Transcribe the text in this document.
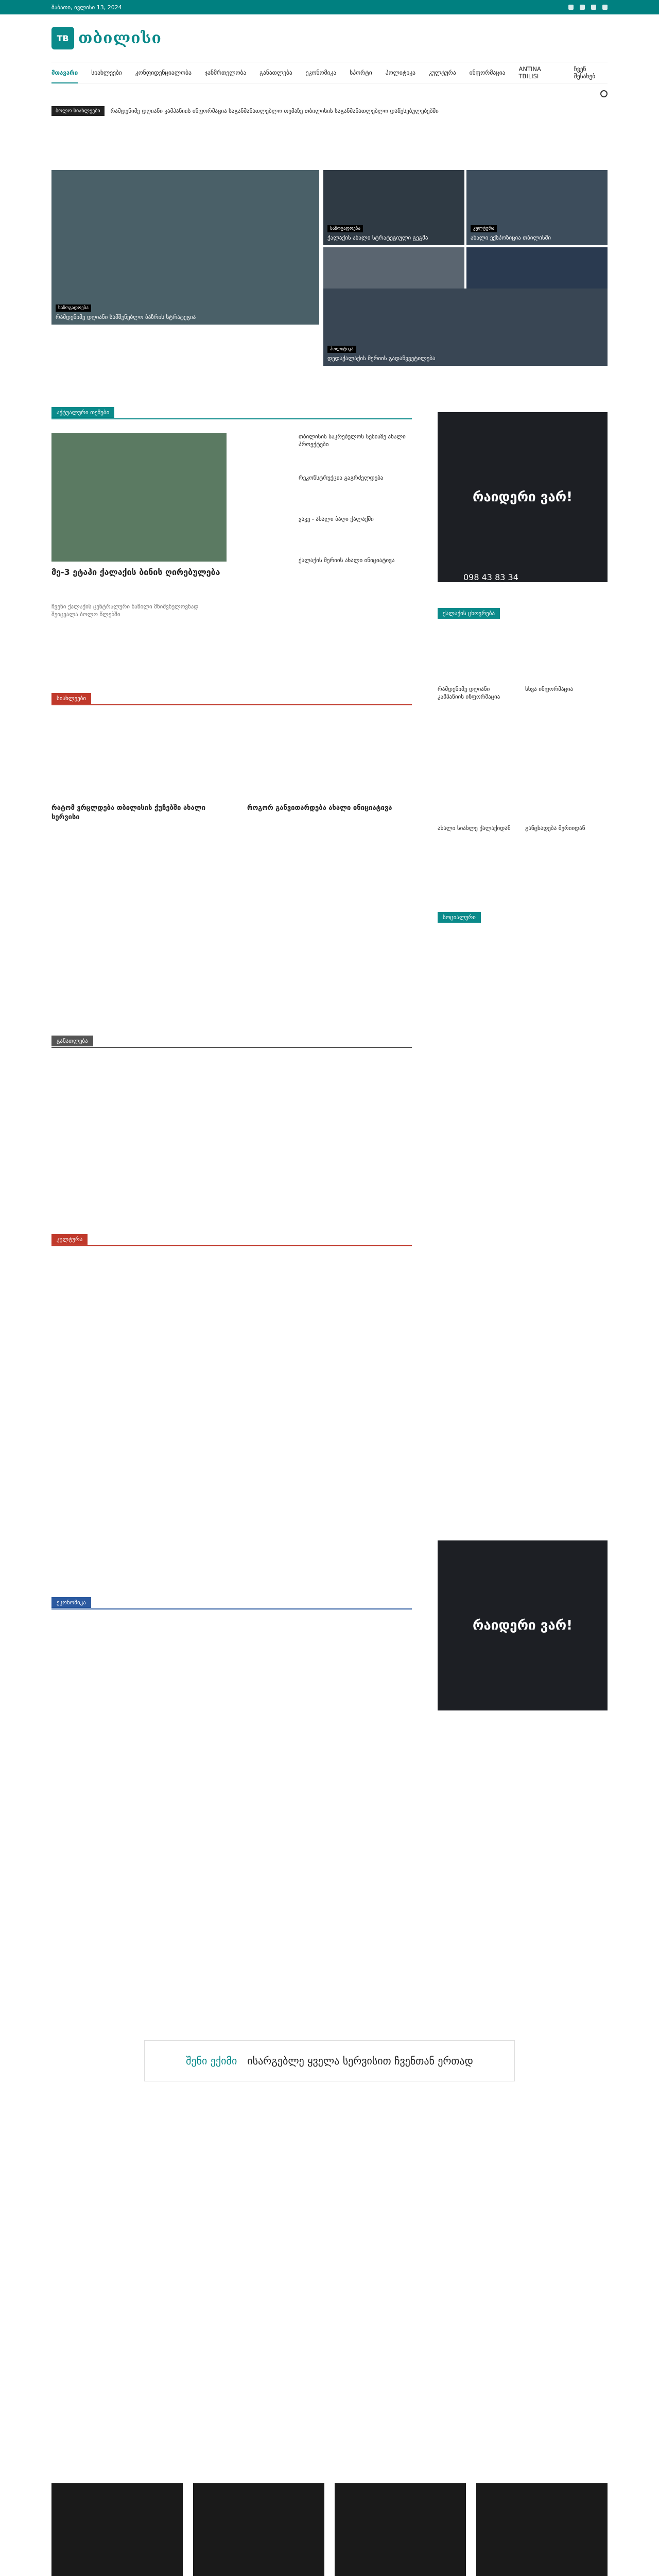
შაბათი, ივლისი 13, 2024
TB თბილისი
მთავარი სიახლეები კონფიდენციალობა ჯანმრთელობა განათლება ეკონომიკა სპორტი პოლიტიკა კულტურა ინფორმაცია ANTINA TBILISI
ჩვენ შესახებ
ბოლო სიახლეები	რამდენიმე დღიანი კამპანიის ინფორმაცია საგანმანათლებლო თემაზე თბილისის საგანმანათლებლო დაწესებულებებში
საზოგადოება
რამდენიმე დღიანი სამშენებლო ბაზრის სტრატეგია
საზოგადოება
ქალაქის ახალი სტრატეგიული გეგმა
კულტურა
ახალი ექსპოზიცია თბილისში
პოლიტიკა
დედაქალაქის მერიის გადაწყვეტილება
აქტუალური თემები
მე-3 ეტაპი ქალაქის ბინის ღირებულება
ჩვენი ქალაქის ცენტრალური ნაწილი მნიშვნელოვნად შეიცვალა ბოლო წლებში
თბილისის საკრებულოს სესიაზე ახალი პროექტები
რეკონსტრუქცია გაგრძელდება
ვაკე - ახალი ბაღი ქალაქში
ქალაქის მერიის ახალი ინიციატივა
რაიდერი ვარ!
098 43 83 34
ქალაქის ცხოვრება
რამდენიმე დღიანი კამპანიის ინფორმაცია
სხვა ინფორმაცია
ახალი სიახლე ქალაქიდან	განცხადება მერიიდან
სოციალური
სიახლეები
რატომ ვრცლდება თბილისის ქუჩებში ახალი სერვისი
როგორ განვითარდება ახალი ინიციატივა
განათლება
კულტურა
ეკონომიკა
რაიდერი ვარ!
შენი ექიმი ისარგებლე ყველა სერვისით ჩვენთან ერთად
